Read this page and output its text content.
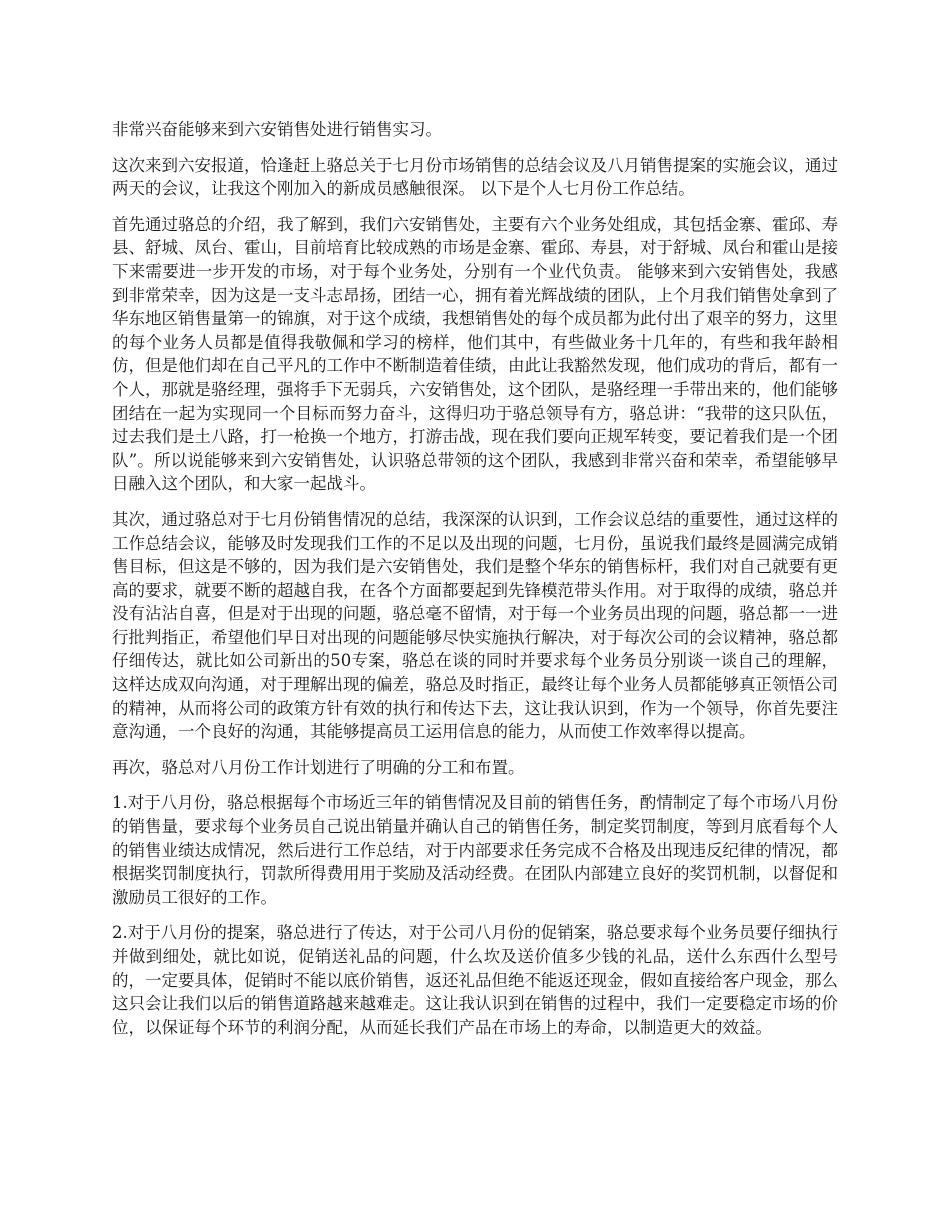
非常兴奋能够来到六安销售处进行销售实习。

这次来到六安报道，恰逢赶上骆总关于七月份市场销售的总结会议及八月销售提案的实施会议，通过两天的会议，让我这个刚加入的新成员感触很深。 以下是个人七月份工作总结。

首先通过骆总的介绍，我了解到，我们六安销售处，主要有六个业务处组成，其包括金寨、霍邱、寿县、舒城、凤台、霍山，目前培育比较成熟的市场是金寨、霍邱、寿县，对于舒城、凤台和霍山是接下来需要进一步开发的市场，对于每个业务处，分别有一个业代负责。 能够来到六安销售处，我感到非常荣幸，因为这是一支斗志昂扬，团结一心，拥有着光辉战绩的团队，上个月我们销售处拿到了华东地区销售量第一的锦旗，对于这个成绩，我想销售处的每个成员都为此付出了艰辛的努力，这里的每个业务人员都是值得我敬佩和学习的榜样，他们其中，有些做业务十几年的，有些和我年龄相仿，但是他们却在自己平凡的工作中不断制造着佳绩，由此让我豁然发现，他们成功的背后，都有一个人，那就是骆经理，强将手下无弱兵，六安销售处，这个团队，是骆经理一手带出来的，他们能够团结在一起为实现同一个目标而努力奋斗，这得归功于骆总领导有方，骆总讲：“我带的这只队伍，过去我们是土八路，打一枪换一个地方，打游击战，现在我们要向正规军转变，要记着我们是一个团队”。所以说能够来到六安销售处，认识骆总带领的这个团队，我感到非常兴奋和荣幸，希望能够早日融入这个团队，和大家一起战斗。

其次，通过骆总对于七月份销售情况的总结，我深深的认识到，工作会议总结的重要性，通过这样的工作总结会议，能够及时发现我们工作的不足以及出现的问题，七月份，虽说我们最终是圆满完成销售目标，但这是不够的，因为我们是六安销售处，我们是整个华东的销售标杆，我们对自己就要有更高的要求，就要不断的超越自我，在各个方面都要起到先锋模范带头作用。对于取得的成绩，骆总并没有沾沾自喜，但是对于出现的问题，骆总毫不留情，对于每一个业务员出现的问题，骆总都一一进行批判指正，希望他们早日对出现的问题能够尽快实施执行解决，对于每次公司的会议精神，骆总都仔细传达，就比如公司新出的50专案，骆总在谈的同时并要求每个业务员分别谈一谈自己的理解，这样达成双向沟通，对于理解出现的偏差，骆总及时指正，最终让每个业务人员都能够真正领悟公司的精神，从而将公司的政策方针有效的执行和传达下去，这让我认识到，作为一个领导，你首先要注意沟通，一个良好的沟通，其能够提高员工运用信息的能力，从而使工作效率得以提高。

再次，骆总对八月份工作计划进行了明确的分工和布置。

1.对于八月份，骆总根据每个市场近三年的销售情况及目前的销售任务，酌情制定了每个市场八月份的销售量，要求每个业务员自己说出销量并确认自己的销售任务，制定奖罚制度，等到月底看每个人的销售业绩达成情况，然后进行工作总结，对于内部要求任务完成不合格及出现违反纪律的情况，都根据奖罚制度执行，罚款所得费用用于奖励及活动经费。在团队内部建立良好的奖罚机制，以督促和激励员工很好的工作。

2.对于八月份的提案，骆总进行了传达，对于公司八月份的促销案，骆总要求每个业务员要仔细执行并做到细处，就比如说，促销送礼品的问题，什么坎及送价值多少钱的礼品，送什么东西什么型号的，一定要具体，促销时不能以底价销售，返还礼品但绝不能返还现金，假如直接给客户现金，那么这只会让我们以后的销售道路越来越难走。这让我认识到在销售的过程中，我们一定要稳定市场的价位，以保证每个环节的利润分配，从而延长我们产品在市场上的寿命，以制造更大的效益。
